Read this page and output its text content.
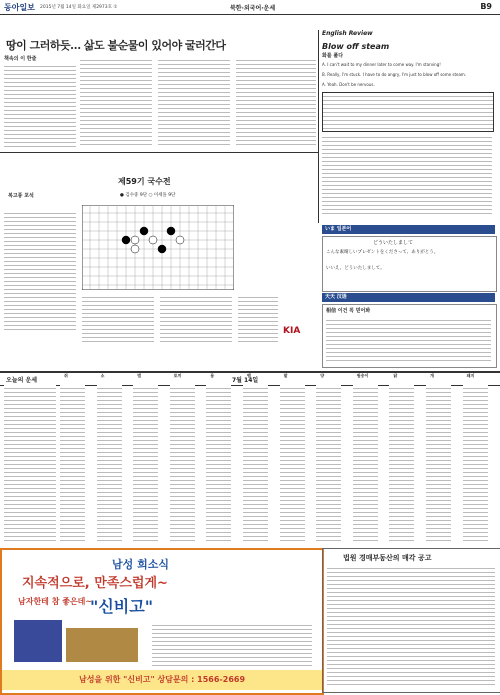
동아일보 2015년 7월 14일 화요일 제2973호 ①	북한·외국어·운세	B9
땅이 그러하듯… 삶도 불순물이 있어야 굴러간다
책속의 이 한줄
English Review
Blow off steam
화를 풀다
A. I can't wait to my dinner later to come way. I'm starving!
B. Really, I'm stuck. I have to do angry, I'm just to blow off some steam.
A. Yeah. Don't be nervous.
いま 일본어
どういたしまして
こんな素晴しいプレゼントをくださって、ありがとう。
いいえ、どういたしまして。
天天 汉语
相信 이건 꼭 믿어봐
제59기 국수전
복고풍 포석	● 김수중 9단 ○ 이세돌 9단
KIA
오늘의 운세	7월 14일
쥐	소	범	토끼	용	뱀	말	양	원숭이	닭	개	돼지
남성 희소식
지속적으로, 만족스럽게~
남자한테 참 좋은데~
"신비고"
남성을 위한 "신비고" 상담문의 : 1566-2669
법원 경매부동산의 매각 공고
